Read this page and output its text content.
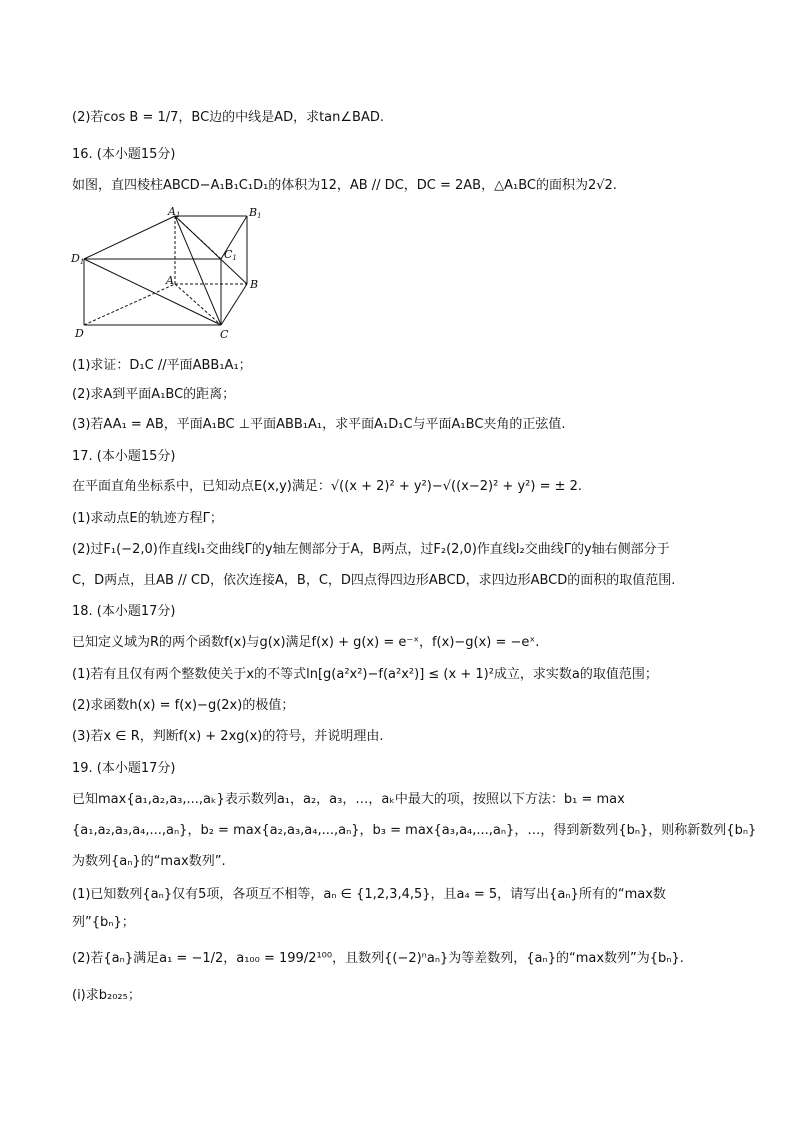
(2)若cos B = 1/7，BC边的中线是AD，求tan∠BAD.
16. (本小题15分)
如图，直四棱柱ABCD−A₁B₁C₁D₁的体积为12，AB // DC，DC = 2AB，△A₁BC的面积为2√2.
(1)求证：D₁C //平面ABB₁A₁；
(2)求A到平面A₁BC的距离；
(3)若AA₁ = AB，平面A₁BC ⊥平面ABB₁A₁，求平面A₁D₁C与平面A₁BC夹角的正弦值.
17. (本小题15分)
在平面直角坐标系中，已知动点E(x,y)满足：√((x + 2)² + y²)−√((x−2)² + y²) = ± 2.
(1)求动点E的轨迹方程Γ；
(2)过F₁(−2,0)作直线l₁交曲线Γ的y轴左侧部分于A，B两点，过F₂(2,0)作直线l₂交曲线Γ的y轴右侧部分于
C，D两点，且AB // CD，依次连接A，B，C，D四点得四边形ABCD，求四边形ABCD的面积的取值范围.
18. (本小题17分)
已知定义域为R的两个函数f(x)与g(x)满足f(x) + g(x) = e⁻ˣ，f(x)−g(x) = −eˣ.
(1)若有且仅有两个整数使关于x的不等式ln[g(a²x²)−f(a²x²)] ≤ (x + 1)²成立，求实数a的取值范围；
(2)求函数h(x) = f(x)−g(2x)的极值；
(3)若x ∈ R，判断f(x) + 2xg(x)的符号，并说明理由.
19. (本小题17分)
已知max{a₁,a₂,a₃,...,aₖ}表示数列a₁，a₂，a₃，…，aₖ中最大的项，按照以下方法：b₁ = max
{a₁,a₂,a₃,a₄,...,aₙ}，b₂ = max{a₂,a₃,a₄,...,aₙ}，b₃ = max{a₃,a₄,...,aₙ}，…，得到新数列{bₙ}，则称新数列{bₙ}
为数列{aₙ}的“max数列”.
(1)已知数列{aₙ}仅有5项，各项互不相等，aₙ ∈ {1,2,3,4,5}，且a₄ = 5，请写出{aₙ}所有的“max数
列”{bₙ}；
(2)若{aₙ}满足a₁ = −1/2，a₁₀₀ = 199/2¹⁰⁰，且数列{(−2)ⁿaₙ}为等差数列，{aₙ}的“max数列”为{bₙ}.
(ⅰ)求b₂₀₂₅；
A1	B1
C1
D1
A	B
C
D
